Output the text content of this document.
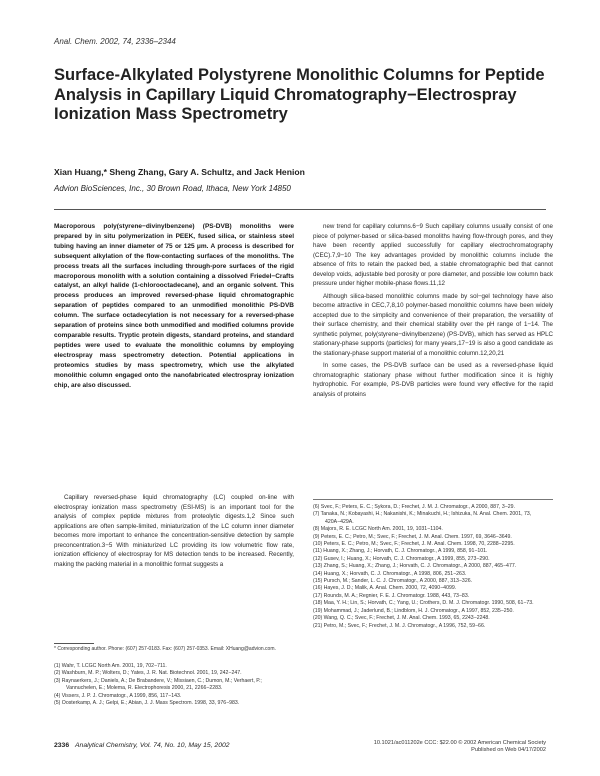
Anal. Chem. 2002, 74, 2336–2344
Surface-Alkylated Polystyrene Monolithic Columns for Peptide Analysis in Capillary Liquid Chromatography−Electrospray Ionization Mass Spectrometry
Xian Huang,* Sheng Zhang, Gary A. Schultz, and Jack Henion
Advion BioSciences, Inc., 30 Brown Road, Ithaca, New York 14850

Macroporous poly(styrene−divinylbenzene) (PS-DVB) monoliths were prepared by in situ polymerization in PEEK, fused silica, or stainless steel tubing having an inner diameter of 75 or 125 μm. A process is described for subsequent alkylation of the flow-contacting surfaces of the monoliths. The process treats all the surfaces including through-pore surfaces of the rigid macroporous monolith with a solution containing a dissolved Friedel−Crafts catalyst, an alkyl halide (1-chlorooctadecane), and an organic solvent. This process produces an improved reversed-phase liquid chromatographic separation of peptides compared to an unmodified monolithic PS-DVB column. The surface octadecylation is not necessary for a reversed-phase separation of proteins since both unmodified and modified columns provide comparable results. Tryptic protein digests, standard proteins, and standard peptides were used to evaluate the monolithic columns by employing electrospray mass spectrometry detection. Potential applications in proteomics studies by mass spectrometry, which use the alkylated monolithic column engaged onto the nanofabricated electrospray ionization chip, are also discussed.

Capillary reversed-phase liquid chromatography (LC) coupled on-line with electrospray ionization mass spectrometry (ESI-MS) is an important tool for the analysis of complex peptide mixtures from proteolytic digests.1,2 Since such applications are often sample-limited, miniaturization of the LC column inner diameter becomes more important to enhance the concentration-sensitive detection by sample preconcentration.3−5 With miniaturized LC providing its low volumetric flow rate, ionization efficiency of electrospray for MS detection tends to be increased. Recently, making the packing material in a monolithic format suggests a

* Corresponding author. Phone: (607) 257-0183. Fax: (607) 257-0353. Email: XHuang@advion.com.

(1) Wahr, T. LCGC North Am. 2001, 19, 702−711.
(2) Washburn, M. P.; Wolters, D.; Yates, J. R. Nat. Biotechnol. 2001, 19, 242−247.
(3) Raynaerkers, J.; Daniels, A.; De Brabandere, V.; Missiaen, C.; Dumon, M.; Verhaert, P.; Vannuchelen, E.; Molema, R. Electrophoresis 2000, 21, 2266−2283.
(4) Vissers, J. P. J. Chromatogr., A 1999, 856, 117−143.
(5) Oosterkamp, A. J.; Gelpi, E.; Abian, J. J. Mass Spectrom. 1998, 33, 976−983.

new trend for capillary columns.6−9 Such capillary columns usually consist of one piece of polymer-based or silica-based monoliths having flow-through pores, and they have been recently applied successfully for capillary electrochromatography (CEC).7,9−10 The key advantages provided by monolithic columns include the absence of frits to retain the packed bed, a stable chromatographic bed that cannot develop voids, adjustable bed porosity or pore diameter, and possible low column back pressure under higher mobile-phase flows.11,12

Although silica-based monolithic columns made by sol−gel technology have also become attractive in CEC,7,8,10 polymer-based monolithic columns have been widely accepted due to the simplicity and convenience of their preparation, the versatility of their surface chemistry, and their chemical stability over the pH range of 1−14. The synthetic polymer, poly(styrene−divinylbenzene) (PS-DVB), which has served as HPLC stationary-phase supports (particles) for many years,17−19 is also a good candidate as the stationary-phase support material of a monolithic column.12,20,21

In some cases, the PS-DVB surface can be used as a reversed-phase liquid chromatographic stationary phase without further modification since it is highly hydrophobic. For example, PS-DVB particles were found very effective for the rapid analysis of proteins

(6) Svec, F.; Peters, E. C.; Sykora, D.; Frechet, J. M. J. Chromatogr., A 2000, 887, 3−29.
(7) Tanaka, N.; Kobayashi, H.; Nakanishi, K.; Minakuchi, H.; Ishizuka, N. Anal. Chem. 2001, 73, 420A−429A.
(8) Majors, R. E. LCGC North Am. 2001, 19, 1031−1104.
(9) Peters, E. C.; Petro, M.; Svec, F.; Frechet, J. M. Anal. Chem. 1997, 69, 3646−3649.
(10) Peters, E. C.; Petro, M.; Svec, F.; Frechet, J. M. Anal. Chem. 1998, 70, 2288−2295.
(11) Huang, X.; Zhang, J.; Horvath, C. J. Chromatogr., A 1999, 858, 91−101.
(12) Gusev, I.; Huang, X.; Horvath, C. J. Chromatogr., A 1999, 855, 273−290.
(13) Zhang, S.; Huang, X.; Zhang, J.; Horvath, C. J. Chromatogr., A 2000, 887, 465−477.
(14) Huang, X.; Horvath, C. J. Chromatogr., A 1998, 806, 251−263.
(15) Pursch, M.; Sander, L. C. J. Chromatogr., A 2000, 887, 313−326.
(16) Hayes, J. D.; Malik, A. Anal. Chem. 2000, 72, 4090−4099.
(17) Rounds, M. A.; Regnier, F. E. J. Chromatogr. 1988, 443, 73−83.
(18) Maa, Y. H.; Lin, S.; Horvath, C.; Yang, U.; Crothers, D. M. J. Chromatogr. 1990, 508, 61−73.
(19) Mohammad, J.; Jaderlund, B.; Lindblom, H. J. Chromatogr., A 1997, 852, 235−250.
(20) Wang, Q. C.; Svec, F.; Frechet, J. M. Anal. Chem. 1993, 65, 2243−2248.
(21) Petro, M.; Svec, F.; Frechet, J. M. J. Chromatogr., A 1996, 752, 59−66.
2336 Analytical Chemistry, Vol. 74, No. 10, May 15, 2002	10.1021/ac011202e CCC: $22.00 © 2002 American Chemical Society
Published on Web 04/17/2002
